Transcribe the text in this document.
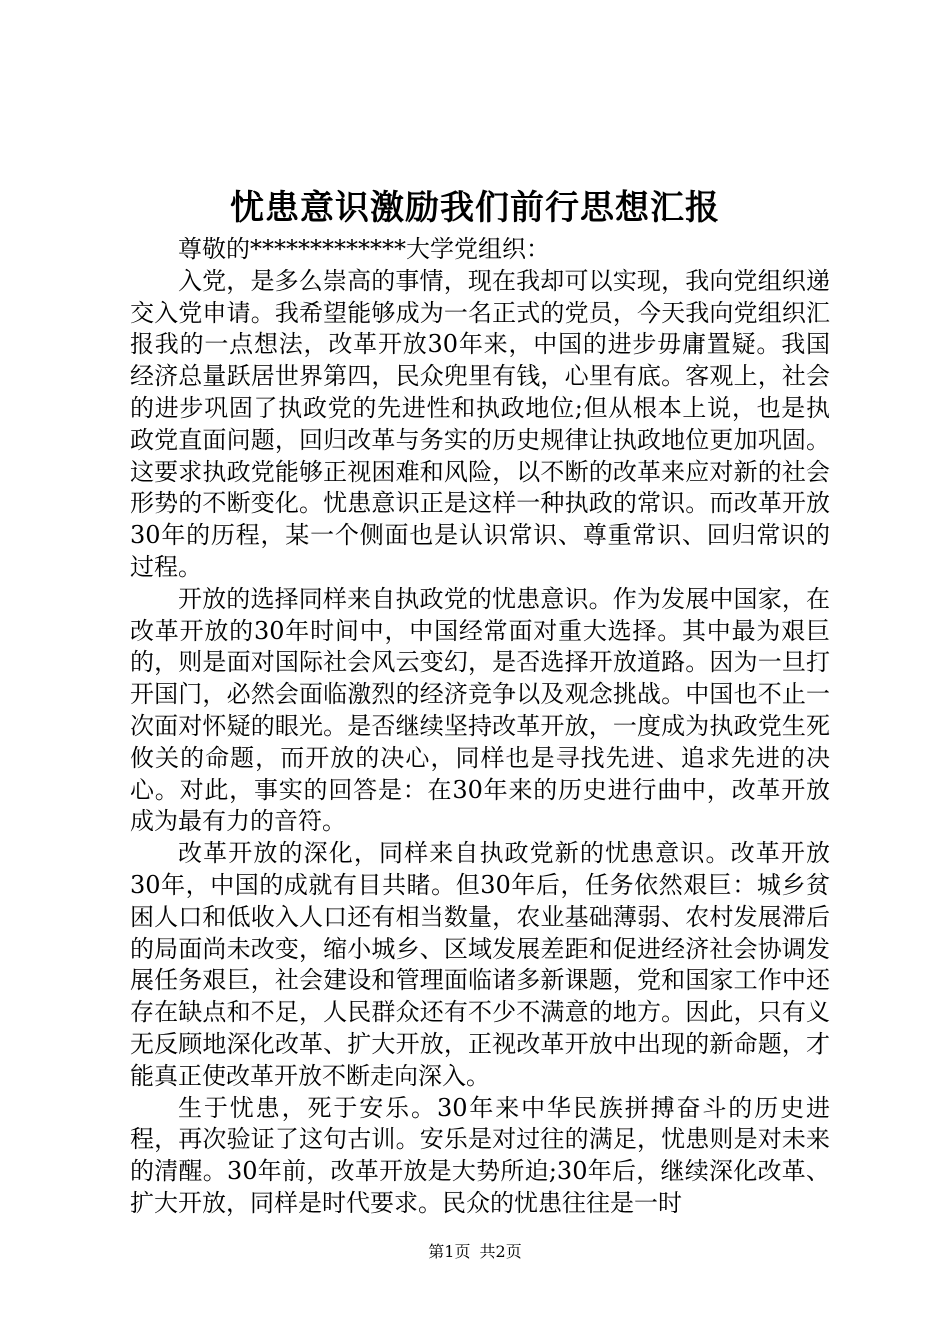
忧患意识激励我们前行思想汇报

尊敬的*************大学党组织：

入党，是多么崇高的事情，现在我却可以实现，我向党组织递交入党申请。我希望能够成为一名正式的党员，今天我向党组织汇报我的一点想法，改革开放30年来，中国的进步毋庸置疑。我国经济总量跃居世界第四，民众兜里有钱，心里有底。客观上，社会的进步巩固了执政党的先进性和执政地位;但从根本上说，也是执政党直面问题，回归改革与务实的历史规律让执政地位更加巩固。这要求执政党能够正视困难和风险，以不断的改革来应对新的社会形势的不断变化。忧患意识正是这样一种执政的常识。而改革开放30年的历程，某一个侧面也是认识常识、尊重常识、回归常识的过程。

开放的选择同样来自执政党的忧患意识。作为发展中国家，在改革开放的30年时间中，中国经常面对重大选择。其中最为艰巨的，则是面对国际社会风云变幻，是否选择开放道路。因为一旦打开国门，必然会面临激烈的经济竞争以及观念挑战。中国也不止一次面对怀疑的眼光。是否继续坚持改革开放，一度成为执政党生死攸关的命题，而开放的决心，同样也是寻找先进、追求先进的决心。对此，事实的回答是：在30年来的历史进行曲中，改革开放成为最有力的音符。

改革开放的深化，同样来自执政党新的忧患意识。改革开放30年，中国的成就有目共睹。但30年后，任务依然艰巨：城乡贫困人口和低收入人口还有相当数量，农业基础薄弱、农村发展滞后的局面尚未改变，缩小城乡、区域发展差距和促进经济社会协调发展任务艰巨，社会建设和管理面临诸多新课题，党和国家工作中还存在缺点和不足，人民群众还有不少不满意的地方。因此，只有义无反顾地深化改革、扩大开放，正视改革开放中出现的新命题，才能真正使改革开放不断走向深入。

生于忧患，死于安乐。30年来中华民族拼搏奋斗的历史进程，再次验证了这句古训。安乐是对过往的满足，忧患则是对未来的清醒。30年前，改革开放是大势所迫;30年后，继续深化改革、扩大开放，同样是时代要求。民众的忧患往往是一时

第1页 共2页
